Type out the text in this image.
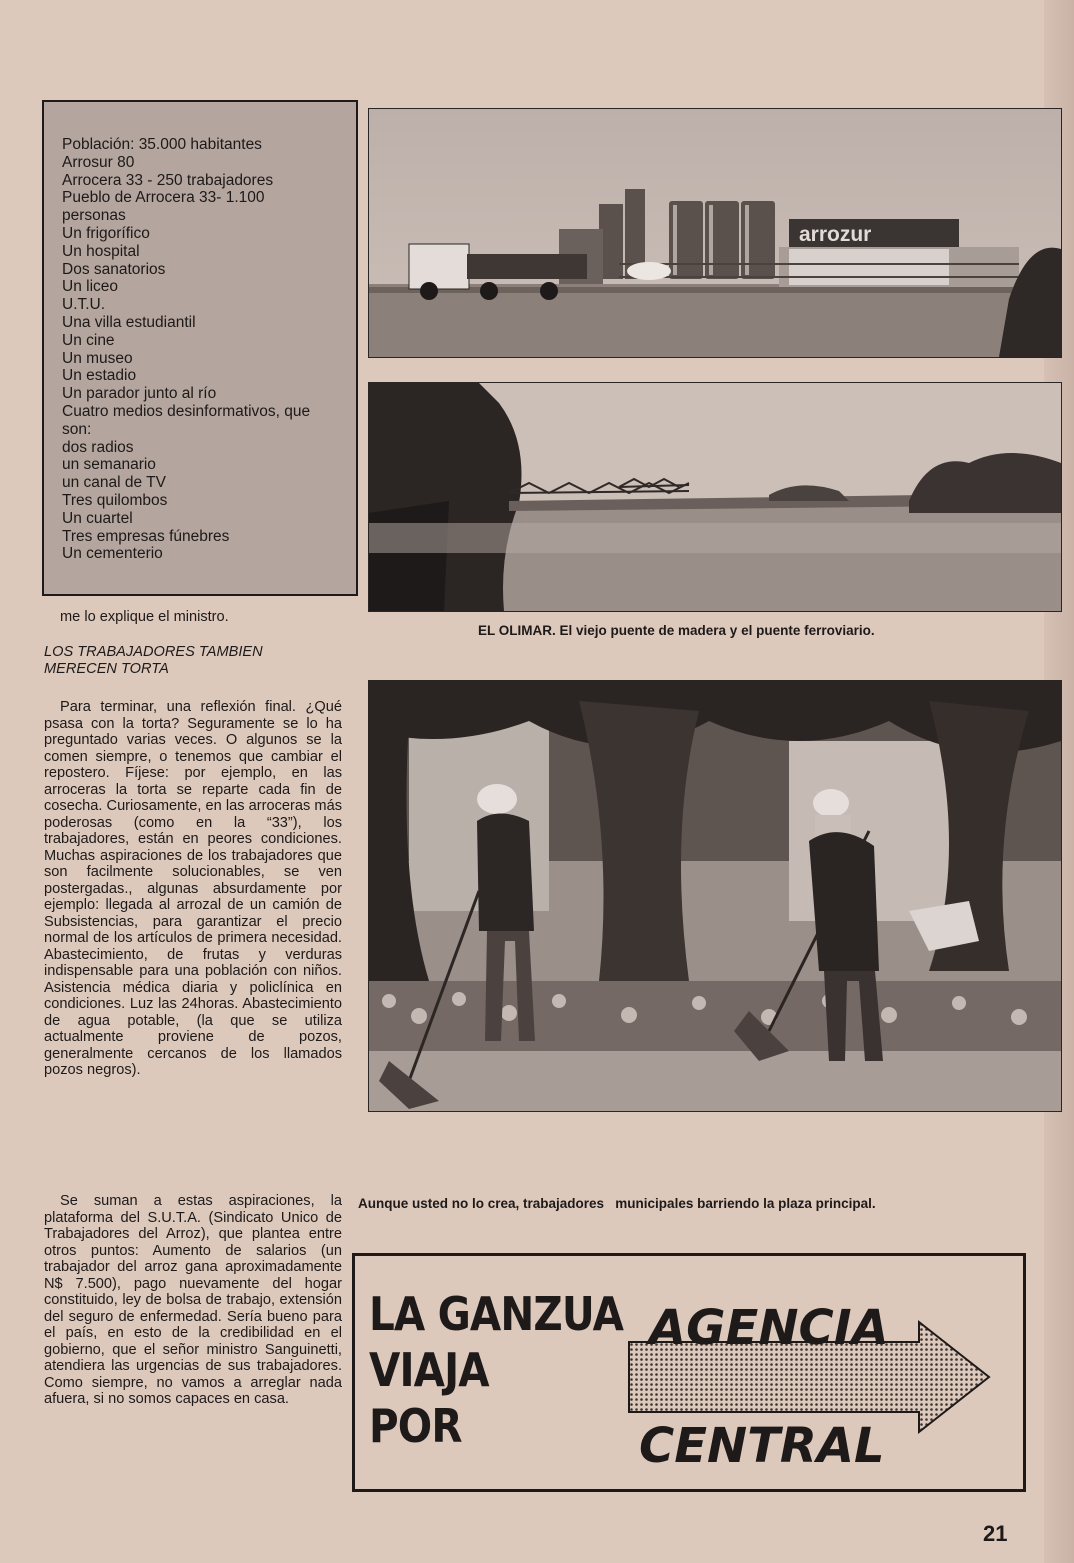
Población: 35.000 habitantes
Arrosur 80
Arrocera 33 - 250 trabajadores
Pueblo de Arrocera 33- 1.100
personas
Un frigorífico
Un hospital
Dos sanatorios
Un liceo
U.T.U.
Una villa estudiantil
Un cine
Un museo
Un estadio
Un parador junto al río
Cuatro medios desinformativos, que
son:
dos radios
un semanario
un canal de TV
Tres quilombos
Un cuartel
Tres empresas fúnebres
Un cementerio
arrozur
EL OLIMAR. El viejo puente de madera y el puente ferroviario.
Aunque usted no lo crea, trabajadores   municipales barriendo la plaza principal.
me lo explique el ministro.
LOS TRABAJADORES TAMBIEN
MERECEN TORTA
Para terminar, una reflexión final. ¿Qué psasa con la torta? Seguramente se lo ha preguntado varias veces. O algunos se la comen siempre, o tenemos que cambiar el repostero. Fíjese: por ejemplo, en las arroceras la torta se reparte cada fin de cosecha. Curiosamente, en las arroceras más poderosas (como en la “33”), los trabajadores, están en peores condiciones. Muchas aspiraciones de los trabajadores que son facilmente solucionables, se ven postergadas., algunas absurdamente por ejemplo: llegada al arrozal de un camión de Subsistencias, para garantizar el precio normal de los artículos de primera necesidad. Abastecimiento, de frutas y verduras indispensable para una población con niños. Asistencia médica diaria y policlínica en condiciones. Luz las 24horas. Abastecimiento de agua potable, (la que se utiliza actualmente proviene de pozos, generalmente cercanos de los llamados pozos negros).
Se suman a estas aspiraciones, la plataforma del S.U.T.A. (Sindicato Unico de Trabajadores del Arroz), que plantea entre otros puntos: Aumento de salarios (un trabajador del arroz gana aproximadamente N$ 7.500), pago nuevamente del hogar constituido, ley de bolsa de trabajo, extensión del seguro de enfermedad. Sería bueno para el país, en esto de la credibilidad en el gobierno, que el señor ministro Sanguinetti, atendiera las urgencias de sus trabajadores. Como siempre, no vamos a arreglar nada afuera, si no somos capaces en casa.
LA GANZUA
VIAJA
POR
AGENCIA
CENTRAL
21
